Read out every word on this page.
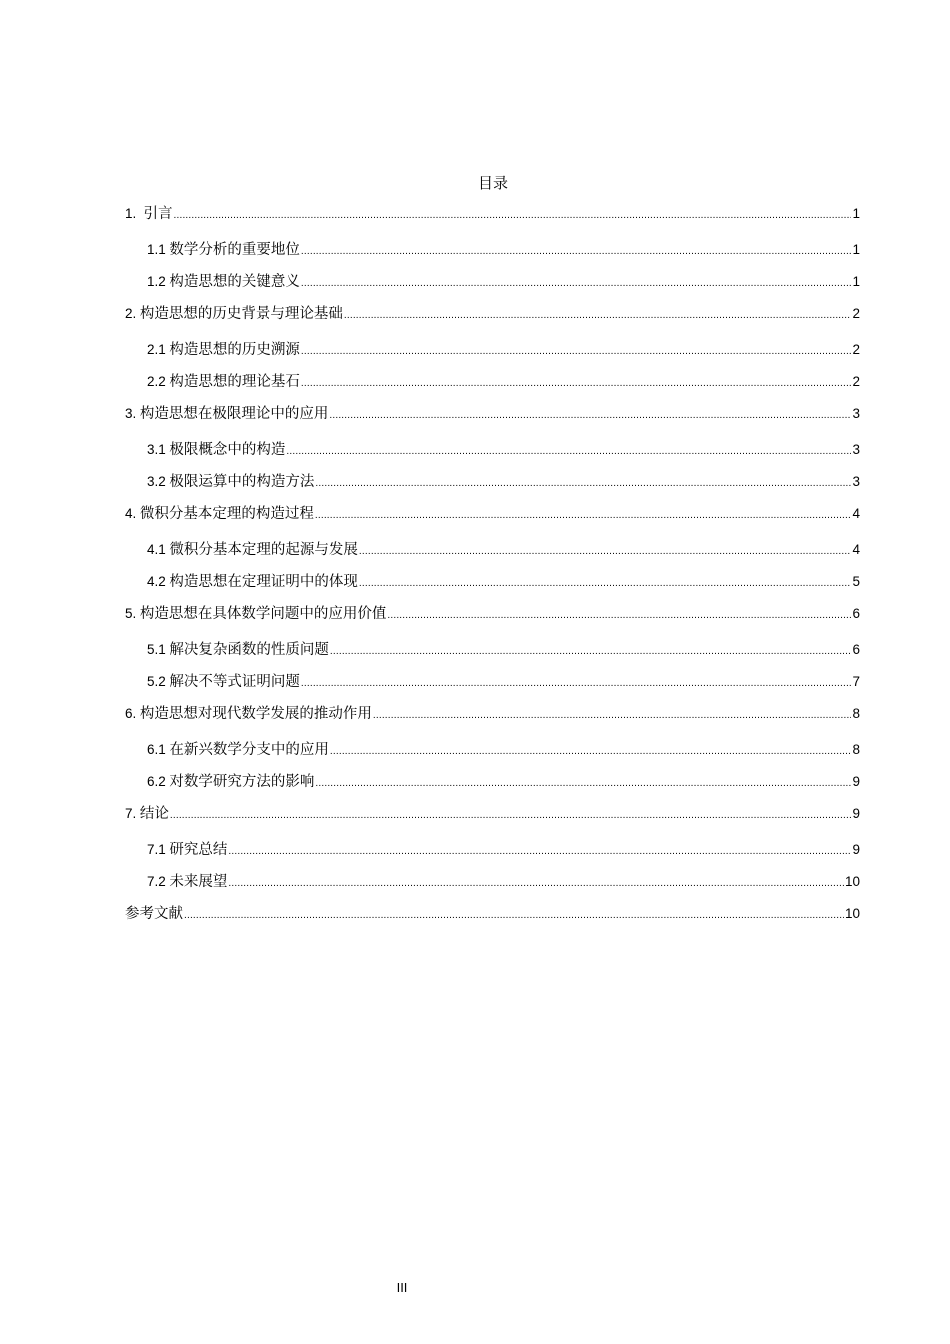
目录
1.  引言 .....	1
1.1 数学分析的重要地位 .....	1
1.2 构造思想的关键意义 .....	1
2. 构造思想的历史背景与理论基础 .....	2
2.1 构造思想的历史溯源 .....	2
2.2 构造思想的理论基石 .....	2
3. 构造思想在极限理论中的应用 .....	3
3.1 极限概念中的构造 .....	3
3.2 极限运算中的构造方法 .....	3
4. 微积分基本定理的构造过程 .....	4
4.1 微积分基本定理的起源与发展 .....	4
4.2 构造思想在定理证明中的体现 .....	5
5. 构造思想在具体数学问题中的应用价值 .....	6
5.1 解决复杂函数的性质问题 .....	6
5.2 解决不等式证明问题 .....	7
6. 构造思想对现代数学发展的推动作用 .....	8
6.1 在新兴数学分支中的应用 .....	8
6.2 对数学研究方法的影响 .....	9
7. 结论 .....	9
7.1 研究总结 .....	9
7.2 未来展望 .....	10
参考文献 .....	10
III
